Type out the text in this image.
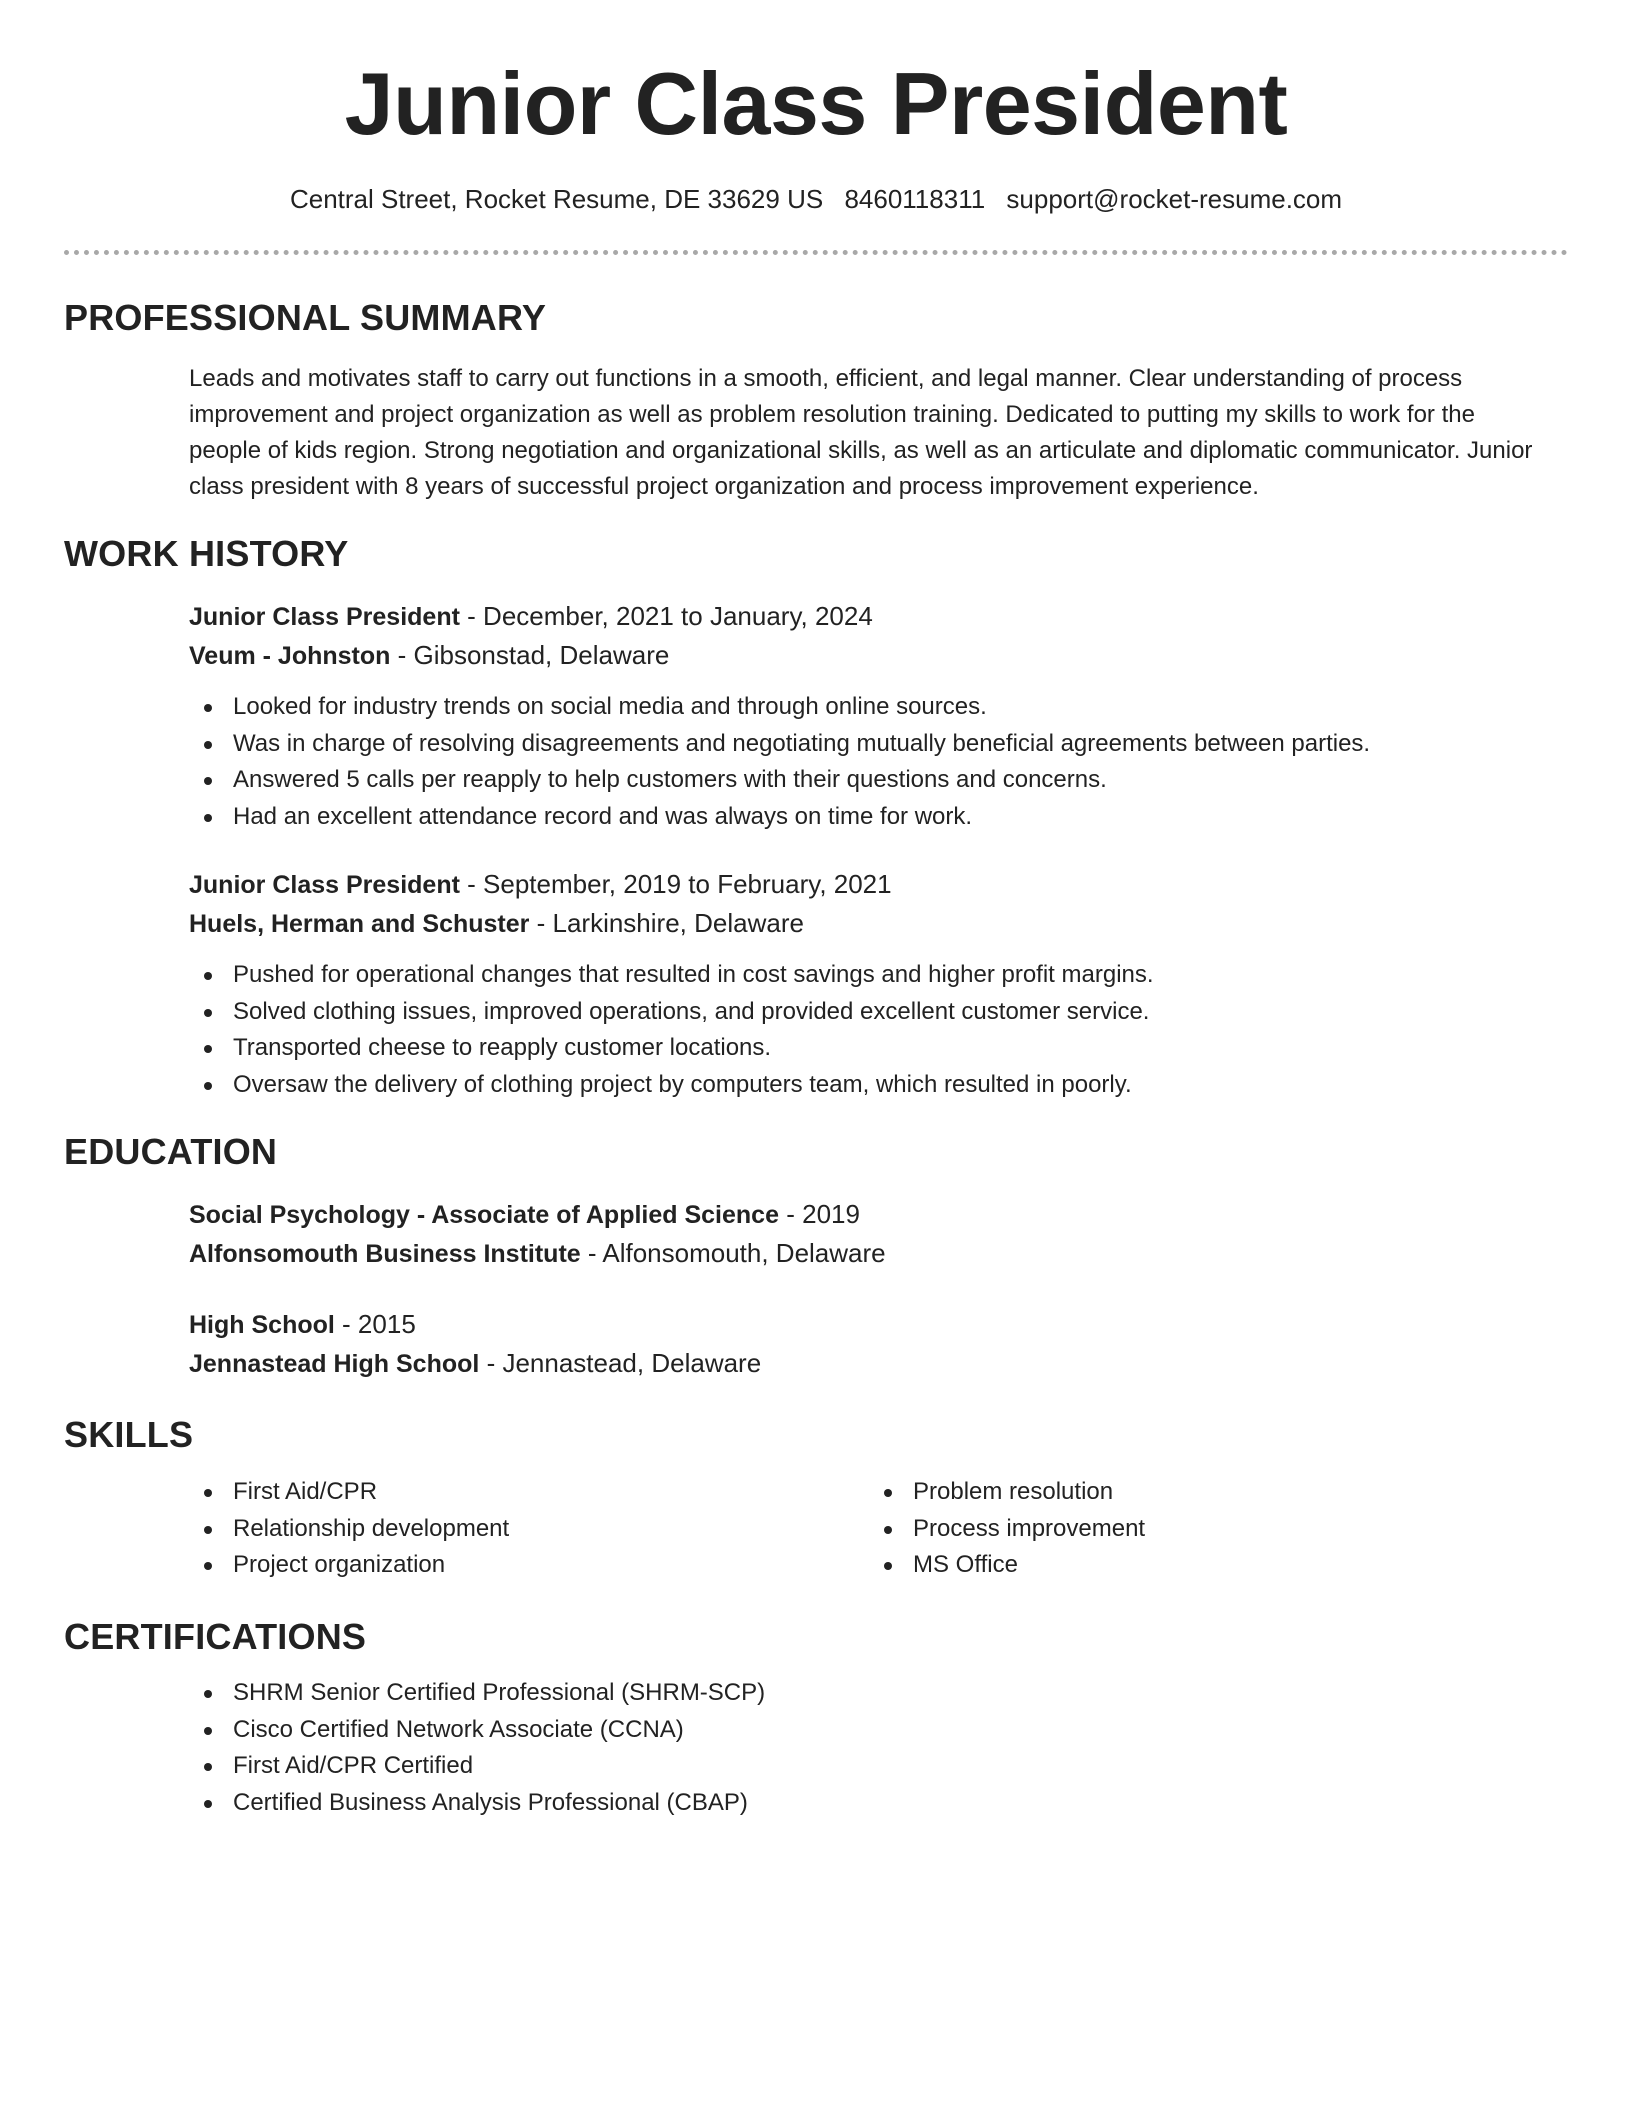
Junior Class President
Central Street, Rocket Resume, DE 33629 US 8460118311 support@rocket-resume.com
PROFESSIONAL SUMMARY

Leads and motivates staff to carry out functions in a smooth, efficient, and legal manner. Clear understanding of process improvement and project organization as well as problem resolution training. Dedicated to putting my skills to work for the people of kids region. Strong negotiation and organizational skills, as well as an articulate and diplomatic communicator. Junior class president with 8 years of successful project organization and process improvement experience.

WORK HISTORY
Junior Class President - December, 2021 to January, 2024
Veum - Johnston - Gibsonstad, Delaware
Looked for industry trends on social media and through online sources.
Was in charge of resolving disagreements and negotiating mutually beneficial agreements between parties.
Answered 5 calls per reapply to help customers with their questions and concerns.
Had an excellent attendance record and was always on time for work.
Junior Class President - September, 2019 to February, 2021
Huels, Herman and Schuster - Larkinshire, Delaware
Pushed for operational changes that resulted in cost savings and higher profit margins.
Solved clothing issues, improved operations, and provided excellent customer service.
Transported cheese to reapply customer locations.
Oversaw the delivery of clothing project by computers team, which resulted in poorly.
EDUCATION
Social Psychology - Associate of Applied Science - 2019
Alfonsomouth Business Institute - Alfonsomouth, Delaware
High School - 2015
Jennastead High School - Jennastead, Delaware
SKILLS
First Aid/CPR
Relationship development
Project organization
Problem resolution
Process improvement
MS Office
CERTIFICATIONS
SHRM Senior Certified Professional (SHRM-SCP)
Cisco Certified Network Associate (CCNA)
First Aid/CPR Certified
Certified Business Analysis Professional (CBAP)
